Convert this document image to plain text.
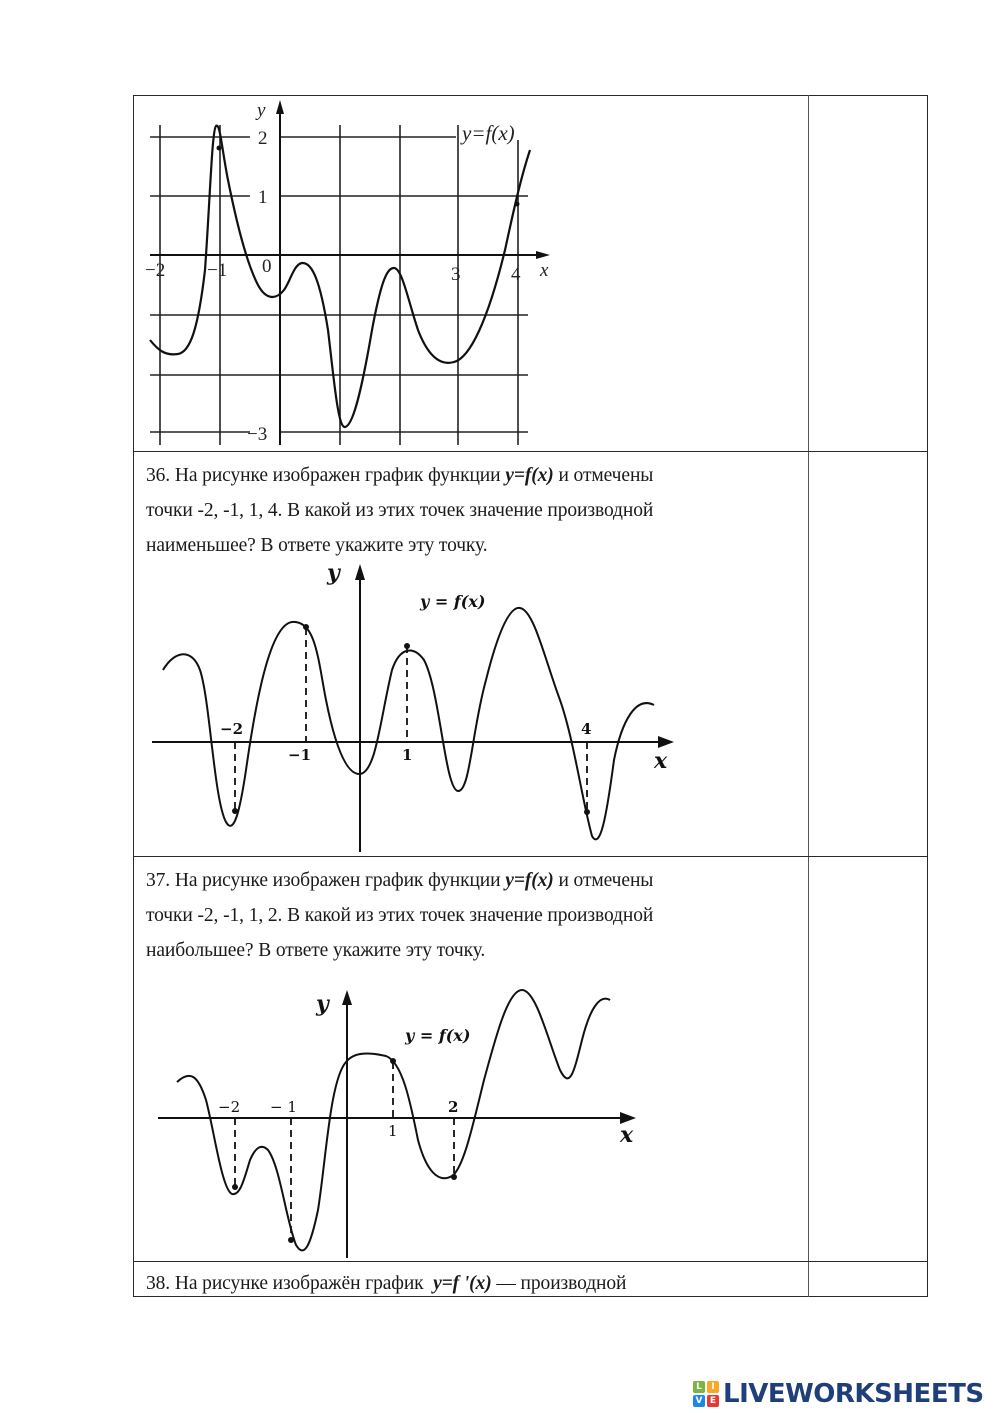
−2 −1 0	3	4
2
1
−3
x
y
y=f(x)
36. На рисунке изображен график функции y=f(x) и отмечены
точки -2, -1, 1, 4. В какой из этих точек значение производной
наименьшее? В ответе укажите эту точку.
−2
−1	1
4
x
y
y = f(x)
37. На рисунке изображен график функции y=f(x) и отмечены
точки -2, -1, 1, 2. В какой из этих точек значение производной
наибольшее? В ответе укажите эту точку.
−2 − 1
1
2
x
y
y = f(x)
38. На рисунке изображён график  y=f '(x) — производной
L	I
V E LIVEWORKSHEETS
